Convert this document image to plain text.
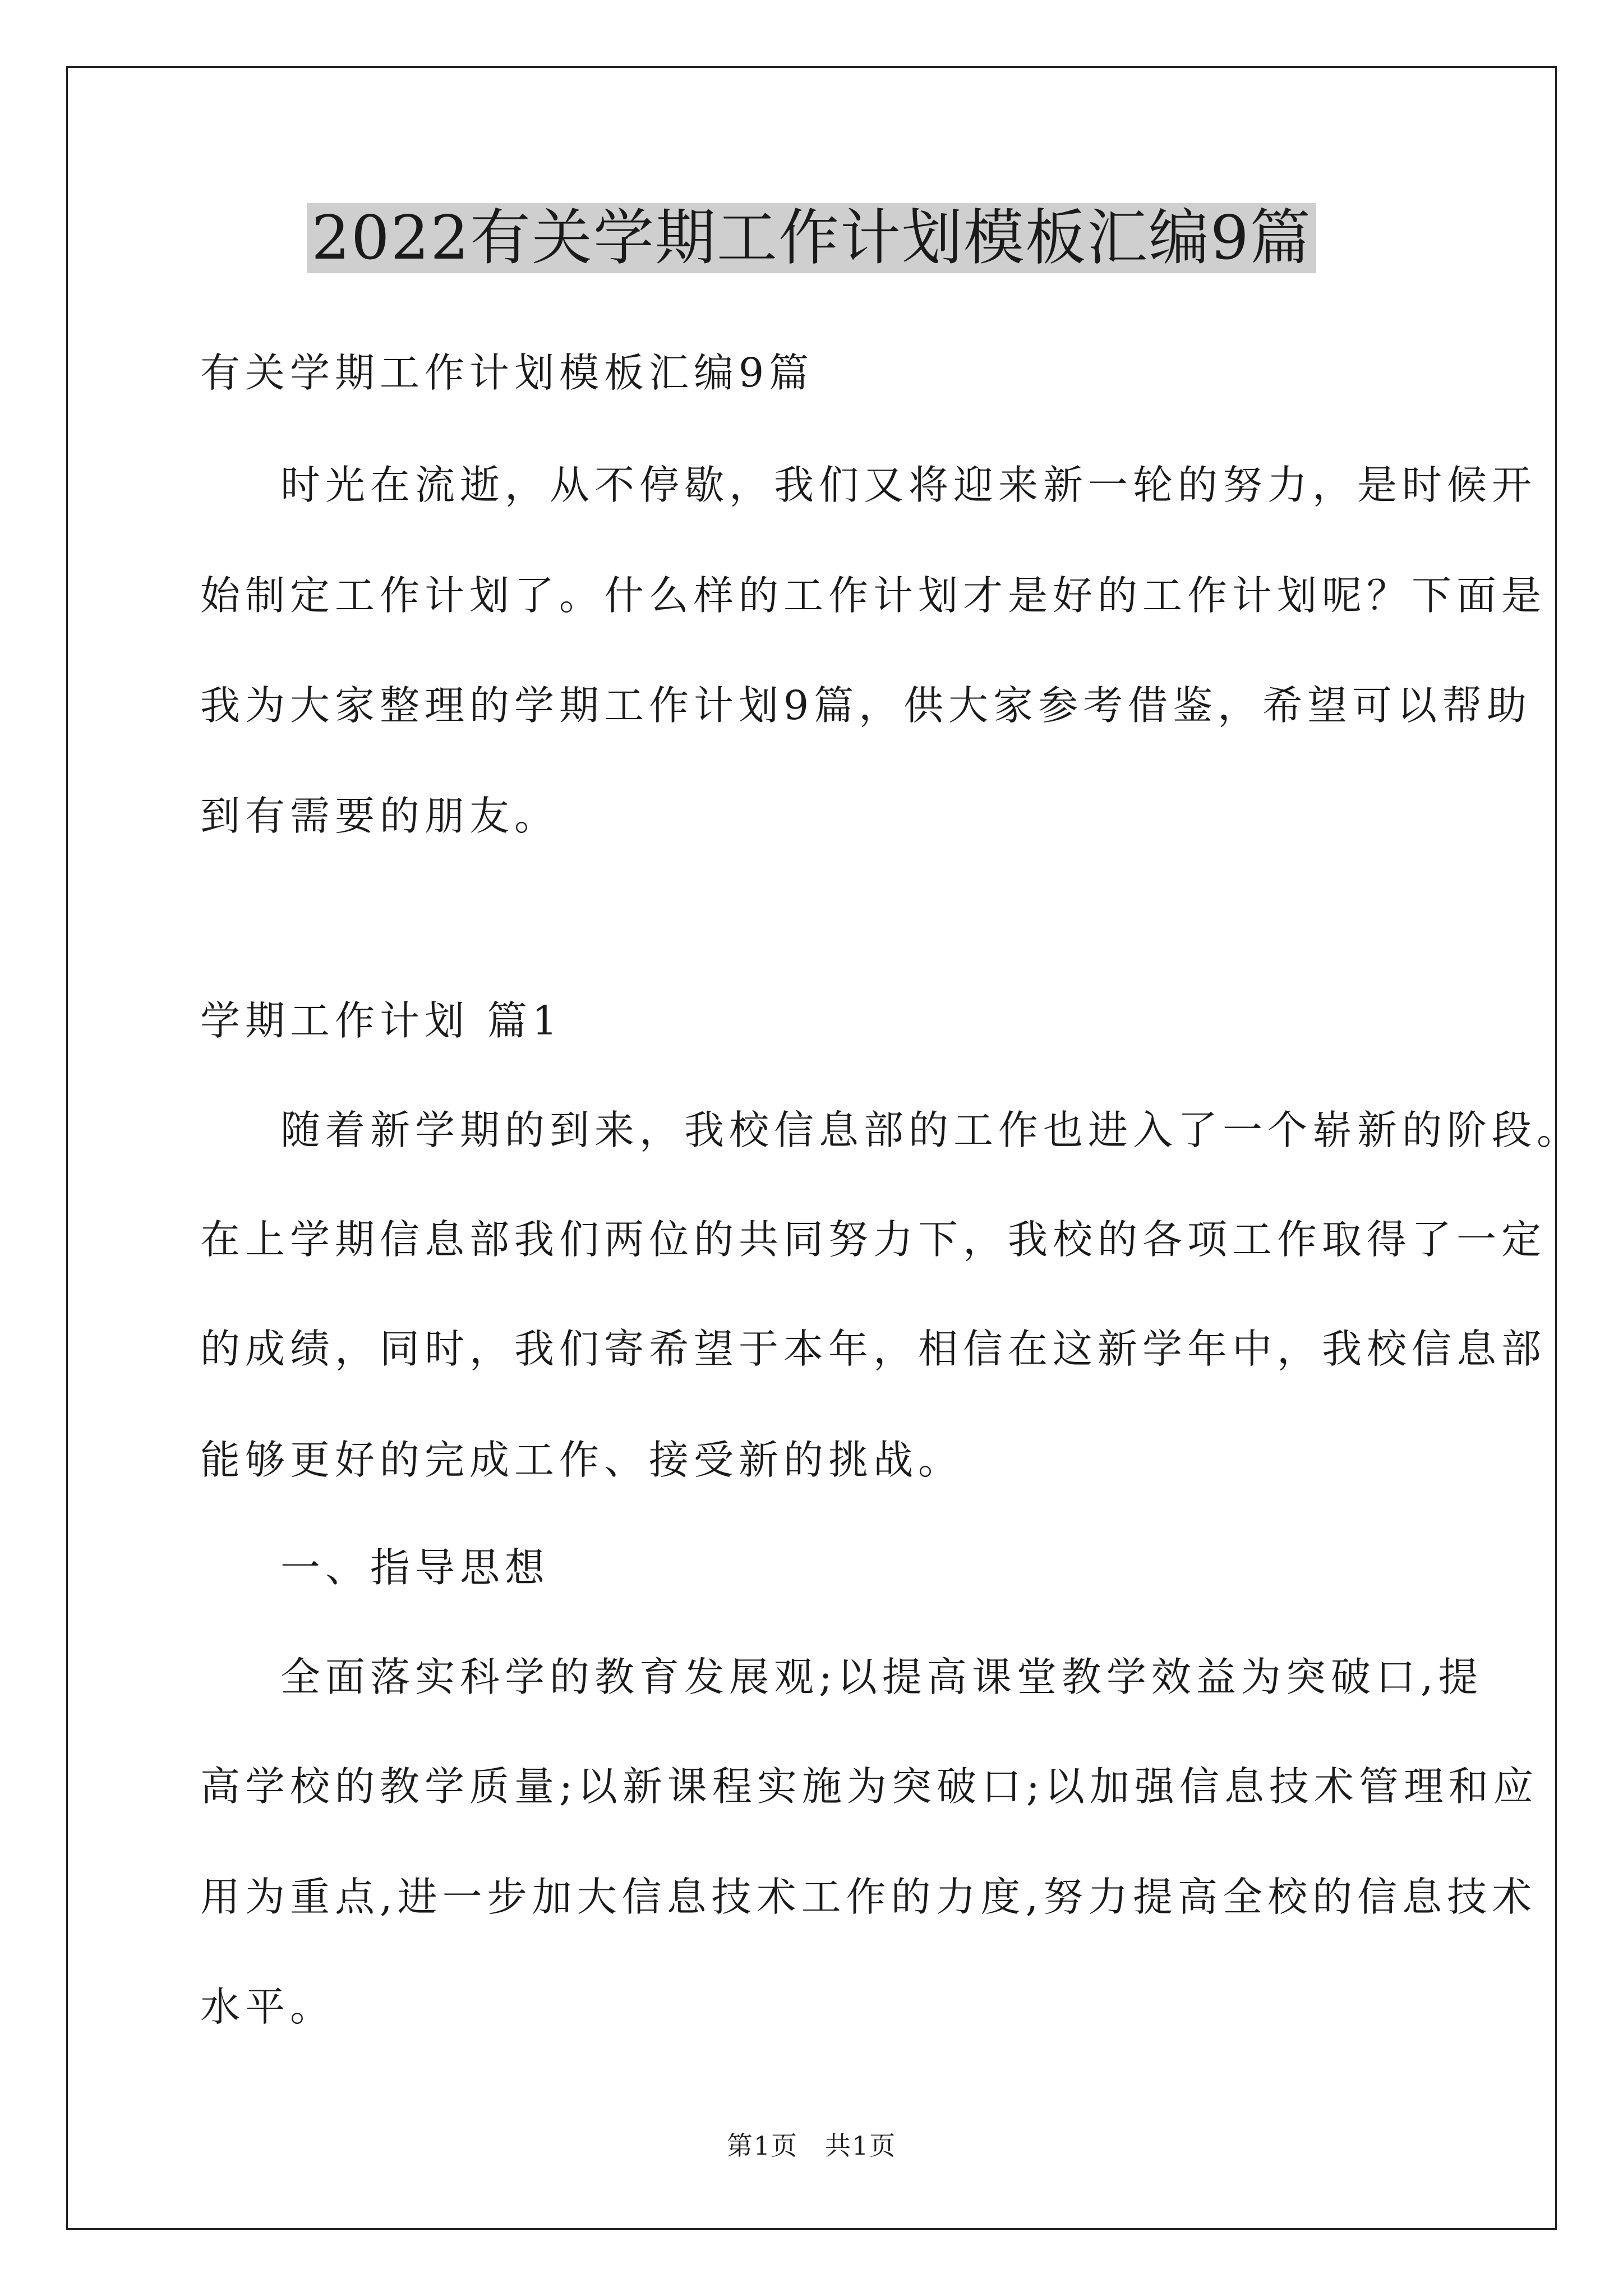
2022有关学期工作计划模板汇编9篇
有关学期工作计划模板汇编9篇
时光在流逝，从不停歇，我们又将迎来新一轮的努力，是时候开
始制定工作计划了。什么样的工作计划才是好的工作计划呢？下面是
我为大家整理的学期工作计划9篇，供大家参考借鉴，希望可以帮助
到有需要的朋友。
学期工作计划 篇1
随着新学期的到来，我校信息部的工作也进入了一个崭新的阶段。
在上学期信息部我们两位的共同努力下，我校的各项工作取得了一定
的成绩，同时，我们寄希望于本年，相信在这新学年中，我校信息部
能够更好的完成工作、接受新的挑战。
一、指导思想
全面落实科学的教育发展观;以提高课堂教学效益为突破口,提
高学校的教学质量;以新课程实施为突破口;以加强信息技术管理和应
用为重点,进一步加大信息技术工作的力度,努力提高全校的信息技术
水平。
第1页　共1页
